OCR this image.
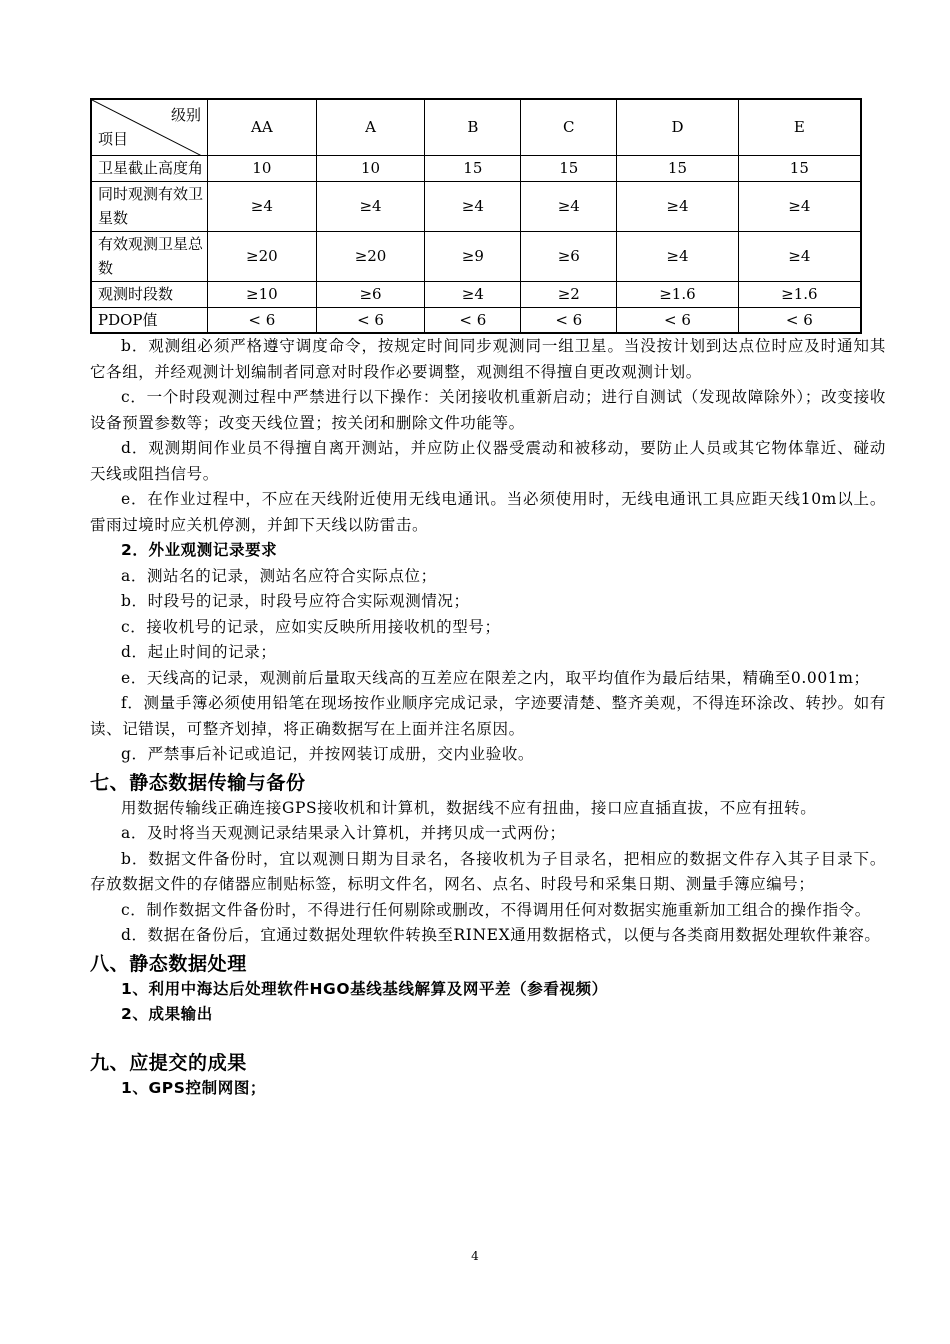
级别
项目	AA	A	B	C	D	E
卫星截止高度角	10	10	15	15	15	15
同时观测有效卫星数	≥4	≥4	≥4	≥4	≥4	≥4
有效观测卫星总数	≥20	≥20	≥9	≥6	≥4	≥4
观测时段数	≥10	≥6	≥4	≥2	≥1.6	≥1.6
PDOP值	< 6	< 6	< 6	< 6	< 6	< 6

b．观测组必须严格遵守调度命令，按规定时间同步观测同一组卫星。当没按计划到达点位时应及时通知其它各组，并经观测计划编制者同意对时段作必要调整，观测组不得擅自更改观测计划。

c．一个时段观测过程中严禁进行以下操作：关闭接收机重新启动；进行自测试（发现故障除外）；改变接收设备预置参数等；改变天线位置；按关闭和删除文件功能等。

d．观测期间作业员不得擅自离开测站，并应防止仪器受震动和被移动，要防止人员或其它物体靠近、碰动天线或阻挡信号。

e．在作业过程中，不应在天线附近使用无线电通讯。当必须使用时，无线电通讯工具应距天线10m以上。雷雨过境时应关机停测，并卸下天线以防雷击。

2．外业观测记录要求

a．测站名的记录，测站名应符合实际点位；

b．时段号的记录，时段号应符合实际观测情况；

c．接收机号的记录，应如实反映所用接收机的型号；

d．起止时间的记录；

e．天线高的记录，观测前后量取天线高的互差应在限差之内，取平均值作为最后结果，精确至0.001m；

f．测量手簿必须使用铅笔在现场按作业顺序完成记录，字迹要清楚、整齐美观，不得连环涂改、转抄。如有读、记错误，可整齐划掉，将正确数据写在上面并注名原因。

g．严禁事后补记或追记，并按网装订成册，交内业验收。

七、静态数据传输与备份

用数据传输线正确连接GPS接收机和计算机，数据线不应有扭曲，接口应直插直拔，不应有扭转。

a．及时将当天观测记录结果录入计算机，并拷贝成一式两份；

b．数据文件备份时，宜以观测日期为目录名，各接收机为子目录名，把相应的数据文件存入其子目录下。存放数据文件的存储器应制贴标签，标明文件名，网名、点名、时段号和采集日期、测量手簿应编号；

c．制作数据文件备份时，不得进行任何剔除或删改，不得调用任何对数据实施重新加工组合的操作指令。

d．数据在备份后，宜通过数据处理软件转换至RINEX通用数据格式，以便与各类商用数据处理软件兼容。

八、静态数据处理
1、利用中海达后处理软件HGO基线基线解算及网平差（参看视频）
2、成果输出
九、应提交的成果
1、GPS控制网图；
4
